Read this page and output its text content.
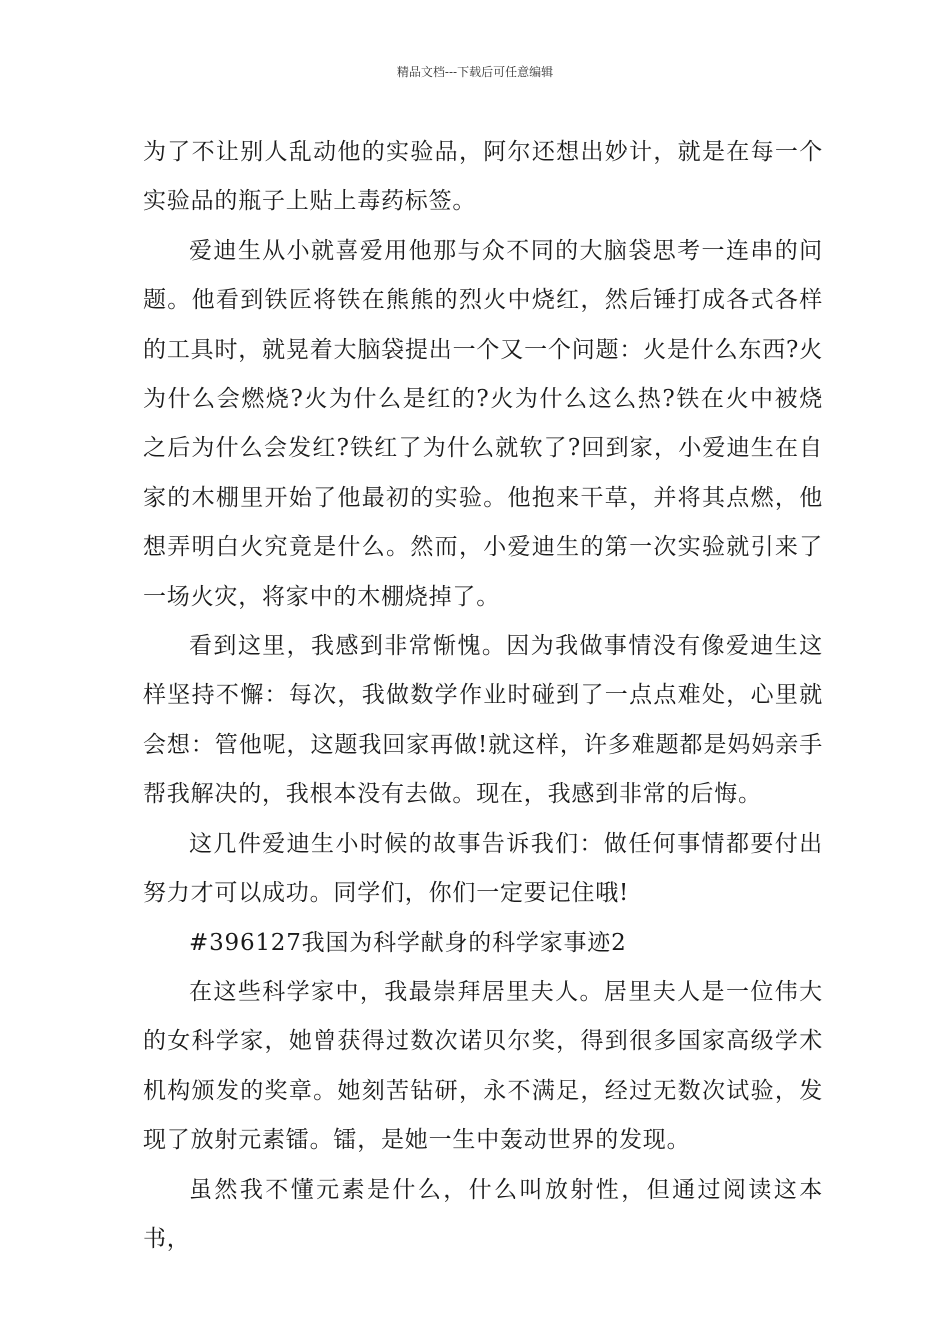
精品文档---下载后可任意编辑

为了不让别人乱动他的实验品，阿尔还想出妙计，就是在每一个实验品的瓶子上贴上毒药标签。

爱迪生从小就喜爱用他那与众不同的大脑袋思考一连串的问题。他看到铁匠将铁在熊熊的烈火中烧红，然后锤打成各式各样的工具时，就晃着大脑袋提出一个又一个问题：火是什么东西?火为什么会燃烧?火为什么是红的?火为什么这么热?铁在火中被烧之后为什么会发红?铁红了为什么就软了?回到家，小爱迪生在自家的木棚里开始了他最初的实验。他抱来干草，并将其点燃，他想弄明白火究竟是什么。然而，小爱迪生的第一次实验就引来了一场火灾，将家中的木棚烧掉了。

看到这里，我感到非常惭愧。因为我做事情没有像爱迪生这样坚持不懈：每次，我做数学作业时碰到了一点点难处，心里就会想：管他呢，这题我回家再做!就这样，许多难题都是妈妈亲手帮我解决的，我根本没有去做。现在，我感到非常的后悔。

这几件爱迪生小时候的故事告诉我们：做任何事情都要付出努力才可以成功。同学们，你们一定要记住哦!

#396127我国为科学献身的科学家事迹2

在这些科学家中，我最崇拜居里夫人。居里夫人是一位伟大的女科学家，她曾获得过数次诺贝尔奖，得到很多国家高级学术机构颁发的奖章。她刻苦钻研，永不满足，经过无数次试验，发现了放射元素镭。镭，是她一生中轰动世界的发现。

虽然我不懂元素是什么，什么叫放射性，但通过阅读这本书，
